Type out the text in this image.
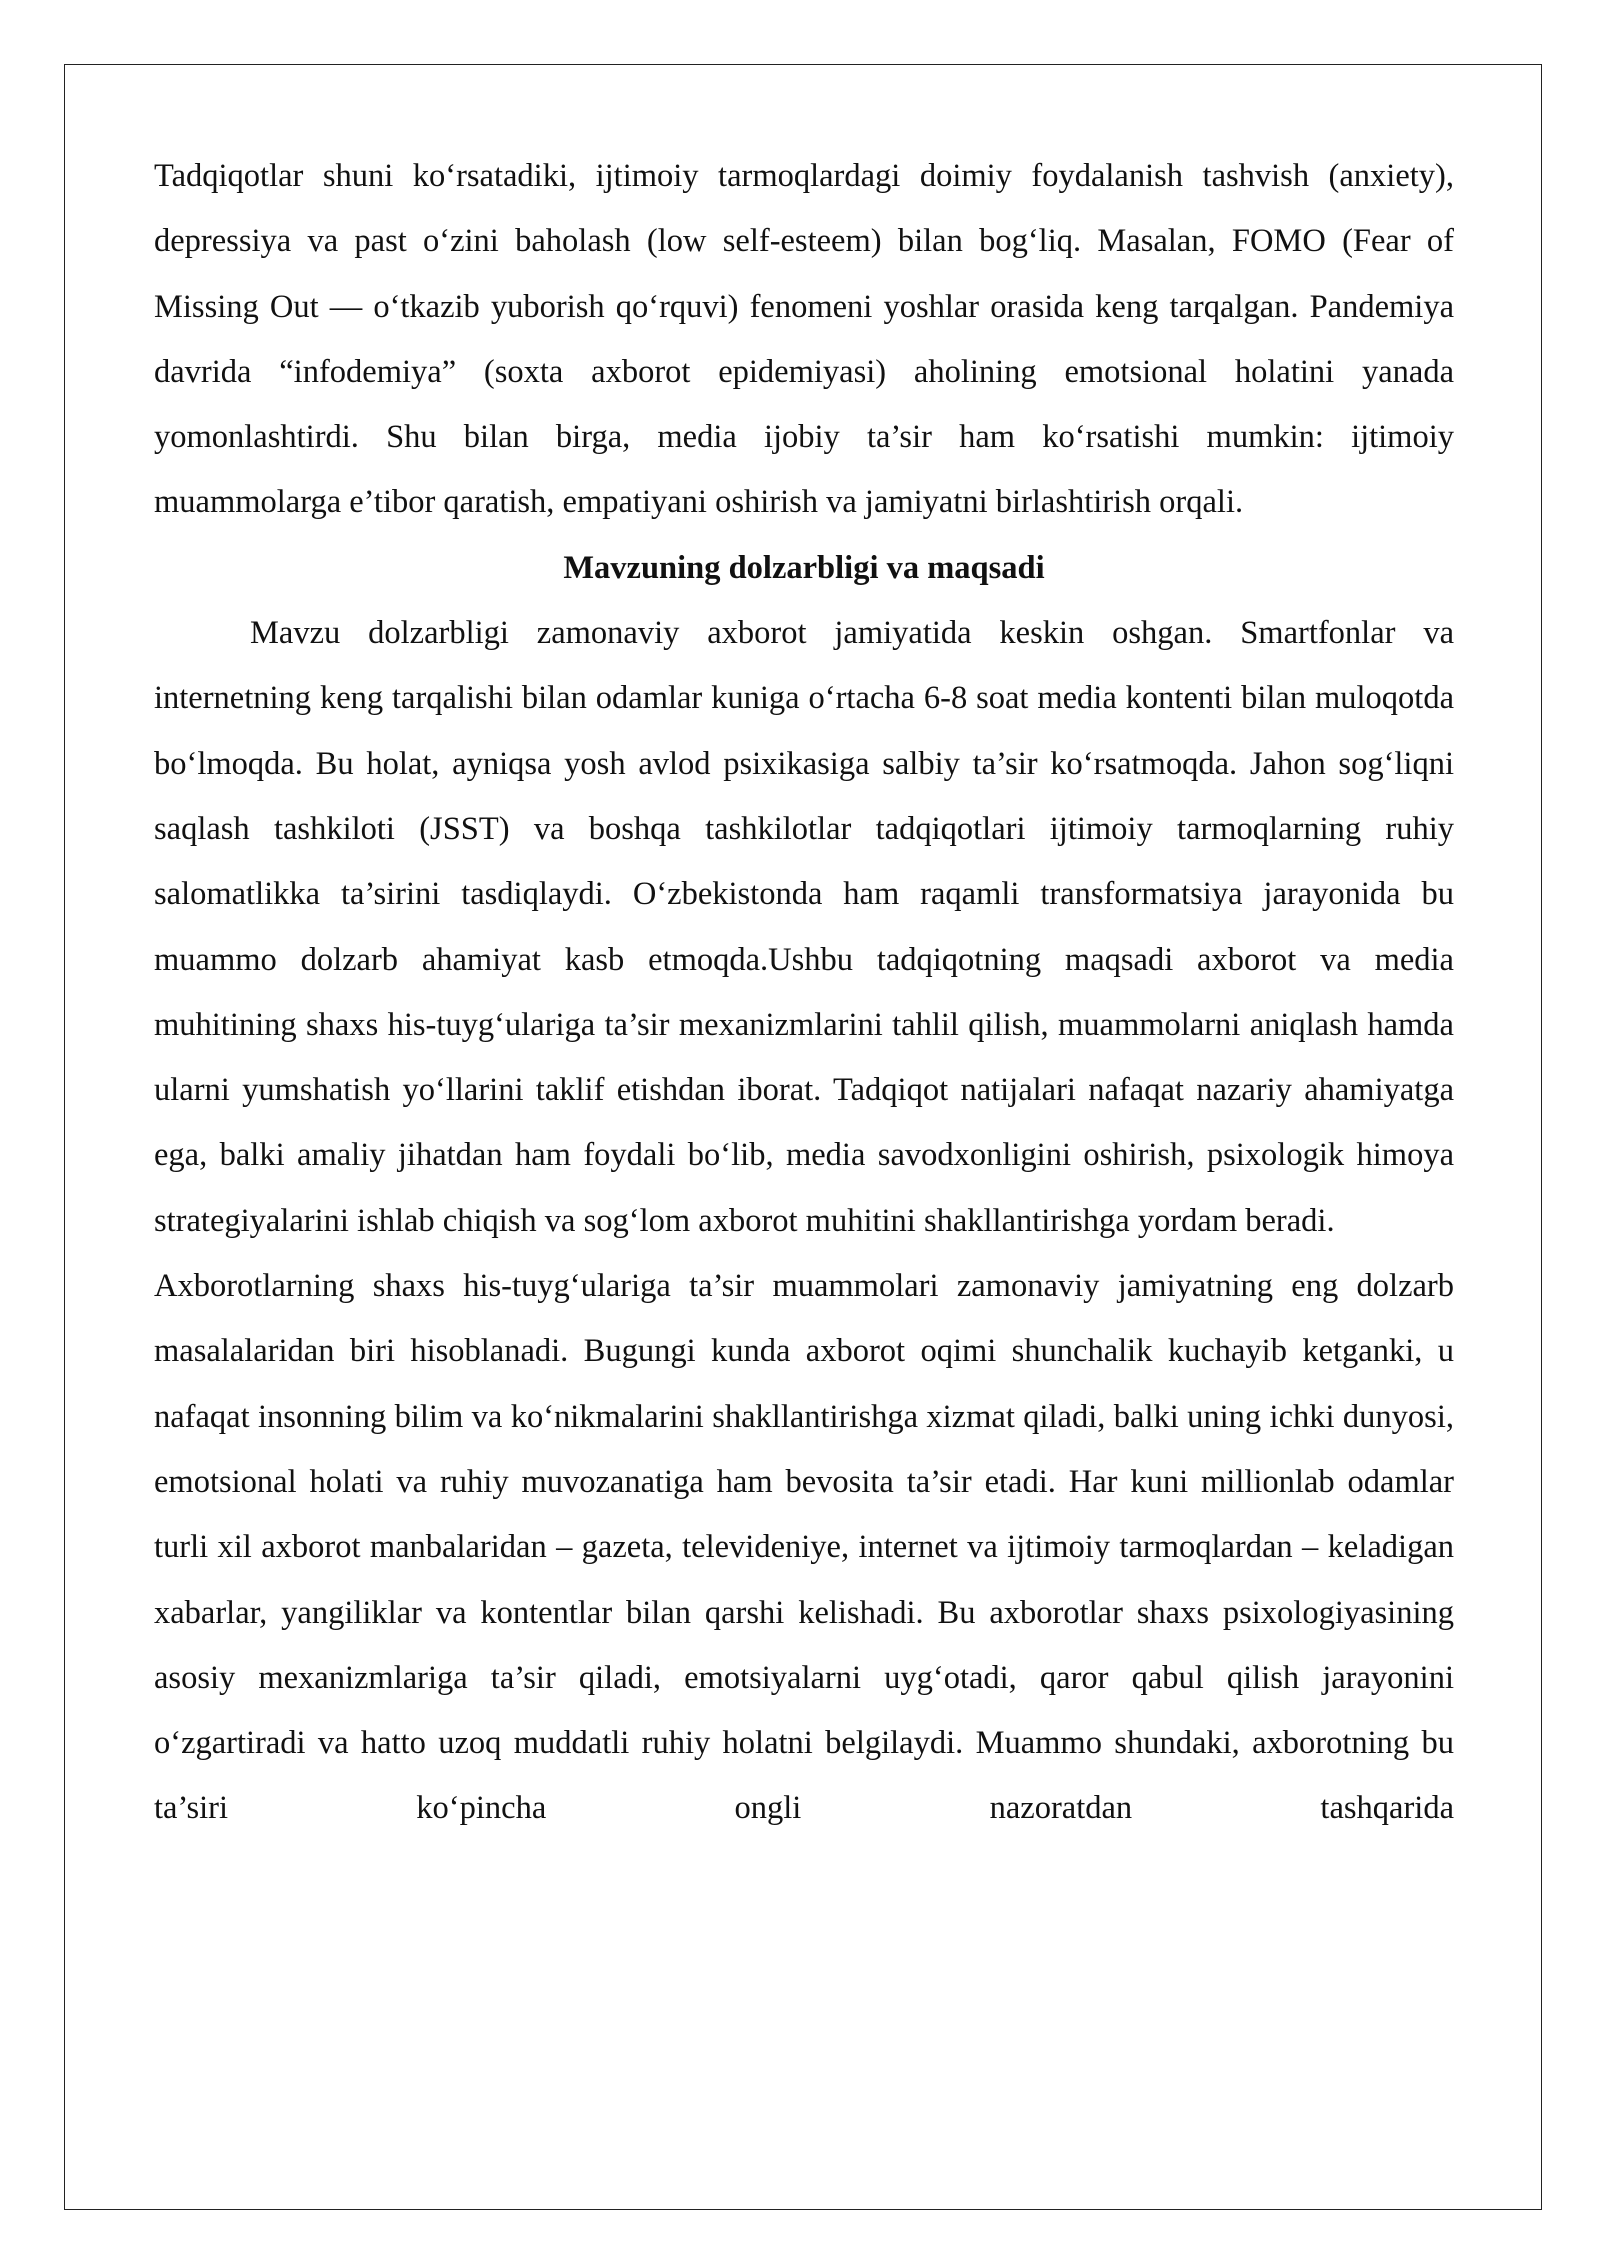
Tadqiqotlar shuni ko‘rsatadiki, ijtimoiy tarmoqlardagi doimiy foydalanish tashvish (anxiety), depressiya va past o‘zini baholash (low self-esteem) bilan bog‘liq. Masalan, FOMO (Fear of Missing Out — o‘tkazib yuborish qo‘rquvi) fenomeni yoshlar orasida keng tarqalgan. Pandemiya davrida “infodemiya” (soxta axborot epidemiyasi) aholining emotsional holatini yanada yomonlashtirdi. Shu bilan birga, media ijobiy ta’sir ham ko‘rsatishi mumkin: ijtimoiy muammolarga e’tibor qaratish, empatiyani oshirish va jamiyatni birlashtirish orqali.

Mavzuning dolzarbligi va maqsadi

Mavzu dolzarbligi zamonaviy axborot jamiyatida keskin oshgan. Smartfonlar va internetning keng tarqalishi bilan odamlar kuniga o‘rtacha 6-8 soat media kontenti bilan muloqotda bo‘lmoqda. Bu holat, ayniqsa yosh avlod psixikasiga salbiy ta’sir ko‘rsatmoqda. Jahon sog‘liqni saqlash tashkiloti (JSST) va boshqa tashkilotlar tadqiqotlari ijtimoiy tarmoqlarning ruhiy salomatlikka ta’sirini tasdiqlaydi. O‘zbekistonda ham raqamli transformatsiya jarayonida bu muammo dolzarb ahamiyat kasb etmoqda.Ushbu tadqiqotning maqsadi axborot va media muhitining shaxs his-tuyg‘ulariga ta’sir mexanizmlarini tahlil qilish, muammolarni aniqlash hamda ularni yumshatish yo‘llarini taklif etishdan iborat. Tadqiqot natijalari nafaqat nazariy ahamiyatga ega, balki amaliy jihatdan ham foydali bo‘lib, media savodxonligini oshirish, psixologik himoya strategiyalarini ishlab chiqish va sog‘lom axborot muhitini shakllantirishga yordam beradi.

Axborotlarning shaxs his-tuyg‘ulariga ta’sir muammolari zamonaviy jamiyatning eng dolzarb masalalaridan biri hisoblanadi. Bugungi kunda axborot oqimi shunchalik kuchayib ketganki, u nafaqat insonning bilim va ko‘nikmalarini shakllantirishga xizmat qiladi, balki uning ichki dunyosi, emotsional holati va ruhiy muvozanatiga ham bevosita ta’sir etadi. Har kuni millionlab odamlar turli xil axborot manbalaridan – gazeta, televideniye, internet va ijtimoiy tarmoqlardan – keladigan xabarlar, yangiliklar va kontentlar bilan qarshi kelishadi. Bu axborotlar shaxs psixologiyasining asosiy mexanizmlariga ta’sir qiladi, emotsiyalarni uyg‘otadi, qaror qabul qilish jarayonini o‘zgartiradi va hatto uzoq muddatli ruhiy holatni belgilaydi. Muammo shundaki, axborotning bu ta’siri ko‘pincha ongli nazoratdan tashqarida
